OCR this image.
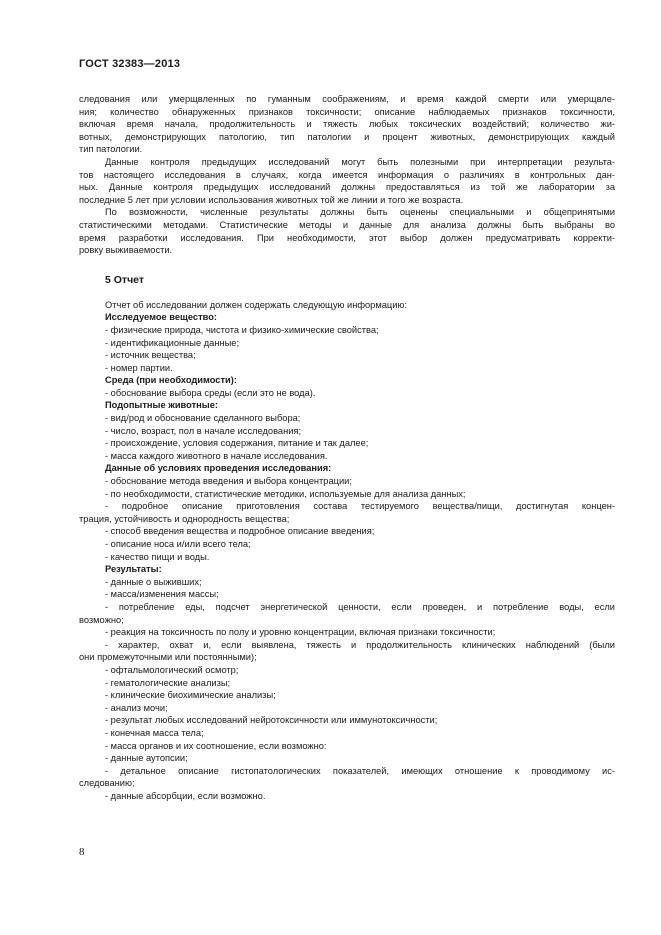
ГОСТ 32383—2013
следования или умерщвленных по гуманным соображениям, и время каждой смерти или умерщвле-
ния; количество обнаруженных признаков токсичности; описание наблюдаемых признаков токсичности,
включая время начала, продолжительность и тяжесть любых токсических воздействий; количество жи-
вотных, демонстрирующих патологию, тип патологии и процент животных, демонстрирующих каждый
тип патологии.
Данные контроля предыдущих исследований могут быть полезными при интерпретации результа-
тов настоящего исследования в случаях, когда имеется информация о различиях в контрольных дан-
ных. Данные контроля предыдущих исследований должны предоставляться из той же лаборатории за
последние 5 лет при условии использования животных той же линии и того же возраста.
По возможности, численные результаты должны быть оценены специальными и общепринятыми
статистическими методами. Статистические методы и данные для анализа должны быть выбраны во
время разработки исследования. При необходимости, этот выбор должен предусматривать корректи-
ровку выживаемости.
5 Отчет
Отчет об исследовании должен содержать следующую информацию:
Исследуемое вещество:
- физические природа, чистота и физико-химические свойства;
- идентификационные данные;
- источник вещества;
- номер партии.
Среда (при необходимости):
- обоснование выбора среды (если это не вода).
Подопытные животные:
- вид/род и обоснование сделанного выбора;
- число, возраст, пол в начале исследования;
- происхождение, условия содержания, питание и так далее;
- масса каждого животного в начале исследования.
Данные об условиях проведения исследования:
- обоснование метода введения и выбора концентрации;
- по необходимости, статистические методики, используемые для анализа данных;
- подробное описание приготовления состава тестируемого вещества/пищи, достигнутая концен-
трация, устойчивость и однородность вещества;
- способ введения вещества и подробное описание введения;
- описание носа и/или всего тела;
- качество пищи и воды.
Результаты:
- данные о выживших;
- масса/изменения массы;
- потребление еды, подсчет энергетической ценности, если проведен, и потребление воды, если
возможно;
- реакция на токсичность по полу и уровню концентрации, включая признаки токсичности;
- характер, охват и, если выявлена, тяжесть и продолжительность клинических наблюдений (были
они промежуточными или постоянными);
- офтальмологический осмотр;
- гематологические анализы;
- клинические биохимические анализы;
- анализ мочи;
- результат любых исследований нейротоксичности или иммунотоксичности;
- конечная масса тела;
- масса органов и их соотношение, если возможно:
- данные аутопсии;
- детальное описание гистопатологических показателей, имеющих отношение к проводимому ис-
следованию;
- данные абсорбции, если возможно.
8
